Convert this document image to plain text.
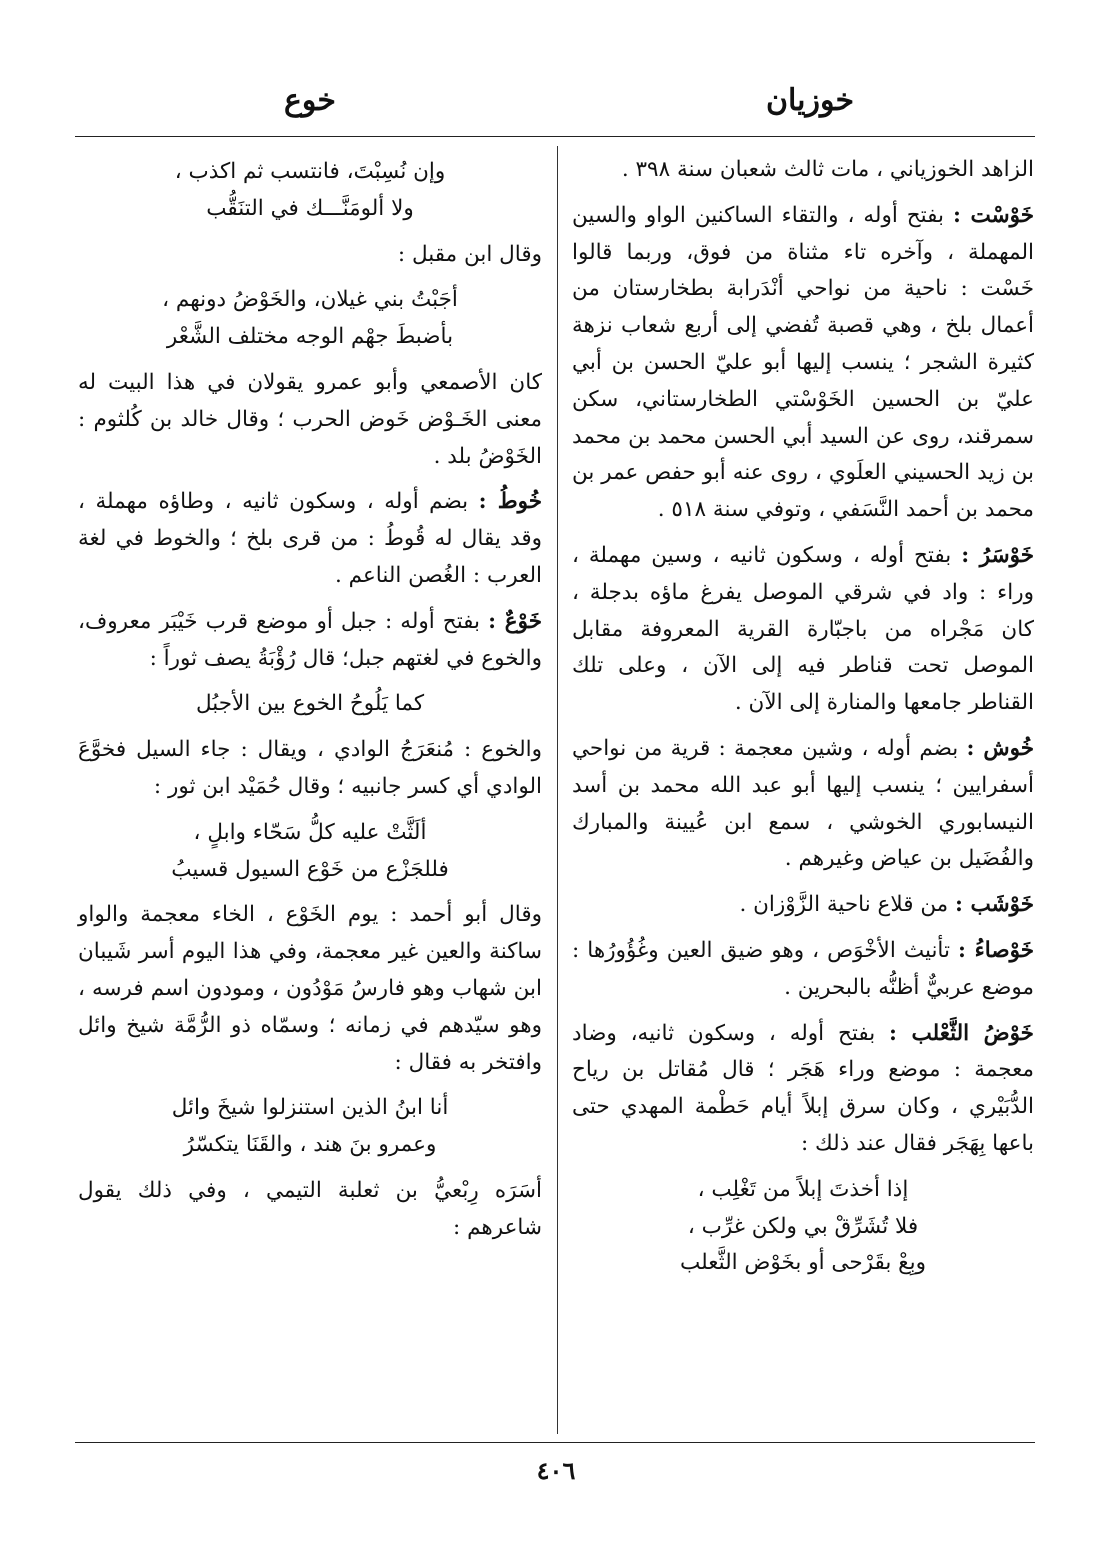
خوزيان
خوع

الزاهد الخوزياني ، مات ثالث شعبان سنة ٣٩٨ .

خَوْسْت : بفتح أوله ، والتقاء الساكنين الواو والسين المهملة ، وآخره تاء مثناة من فوق، وربما قالوا خَسْت : ناحية من نواحي أنْدَرابة بطخارستان من أعمال بلخ ، وهي قصبة تُفضي إلى أربع شعاب نزهة كثيرة الشجر ؛ ينسب إليها أبو عليّ الحسن بن أبي عليّ بن الحسين الخَوْسْتي الطخارستاني، سكن سمرقند، روى عن السيد أبي الحسن محمد بن محمد بن زيد الحسيني العلَوي ، روى عنه أبو حفص عمر بن محمد بن أحمد النَّسَفي ، وتوفي سنة ٥١٨ .

خَوْسَرُ : بفتح أوله ، وسكون ثانيه ، وسين مهملة ، وراء : واد في شرقي الموصل يفرغ ماؤه بدجلة ، كان مَجْراه من باجبّارة القرية المعروفة مقابل الموصل تحت قناطر فيه إلى الآن ، وعلى تلك القناطر جامعها والمنارة إلى الآن .

خُوش : بضم أوله ، وشين معجمة : قرية من نواحي أسفرايين ؛ ينسب إليها أبو عبد الله محمد بن أسد النيسابوري الخوشي ، سمع ابن عُيينة والمبارك والفُضَيل بن عياض وغيرهم .

خَوْشَب : من قلاع ناحية الزَّوْزان .

خَوْصاءُ : تأنيث الأخْوَص ، وهو ضيق العين وغُؤُورُها : موضع عربيٌّ أظنُّه بالبحرين .

خَوْضُ الثَّعْلب : بفتح أوله ، وسكون ثانيه، وضاد معجمة : موضع وراء هَجَر ؛ قال مُقاتل بن رياح الدُّبَيْري ، وكان سرق إبلاً أيام حَطْمة المهدي حتى باعها بِهَجَر فقال عند ذلك :

إذا أخذتَ إبلاً من تَغْلِب ،
فلا تُشَرِّقْ بي ولكن غرِّب ،
وبِعْ بقَرْحى أو بخَوْض الثَّعلب
وإن نُسِبْتَ، فانتسب ثم اكذب ،
ولا ألومَنَّـــك في التنَقُّب

وقال ابن مقبل :

أجَبْتُ بني غيلان، والخَوْضُ دونهم ،
بأضبطَ جهْم الوجه مختلف الشَّعْر

كان الأصمعي وأبو عمرو يقولان في هذا البيت له معنى الخَـوْض خَوض الحرب ؛ وقال خالد بن كُلثوم : الخَوْضُ بلد .

خُوطُ : بضم أوله ، وسكون ثانيه ، وطاؤه مهملة ، وقد يقال له قُوطُ : من قرى بلخ ؛ والخوط في لغة العرب : الغُصن الناعم .

خَوْعٌ : بفتح أوله : جبل أو موضع قرب خَيْبَر معروف، والخوع في لغتهم جبل؛ قال رُؤْبَةُ يصف ثوراً :

كما يَلُوحُ الخوع بين الأجبُل

والخوع : مُنعَرَجُ الوادي ، ويقال : جاء السيل فخوَّعَ الوادي أي كسر جانبيه ؛ وقال حُمَيْد ابن ثور :

ألَثَّتْ عليه كلُّ سَحّاء وابلٍ ،
فللجَزْع من خَوْع السيول قسيبُ

وقال أبو أحمد : يوم الخَوْع ، الخاء معجمة والواو ساكنة والعين غير معجمة، وفي هذا اليوم أسر شَيبان ابن شهاب وهو فارسُ مَوْدُون ، ومودون اسم فرسه ، وهو سيّدهم في زمانه ؛ وسمّاه ذو الرُّمَّة شيخ وائل وافتخر به فقال :

أنا ابنُ الذين استنزلوا شيخَ وائل
وعمرو بنَ هند ، والقَنَا يتكسّرُ

أسَرَه رِبْعيُّ بن ثعلبة التيمي ، وفي ذلك يقول شاعرهم :

٤٠٦
